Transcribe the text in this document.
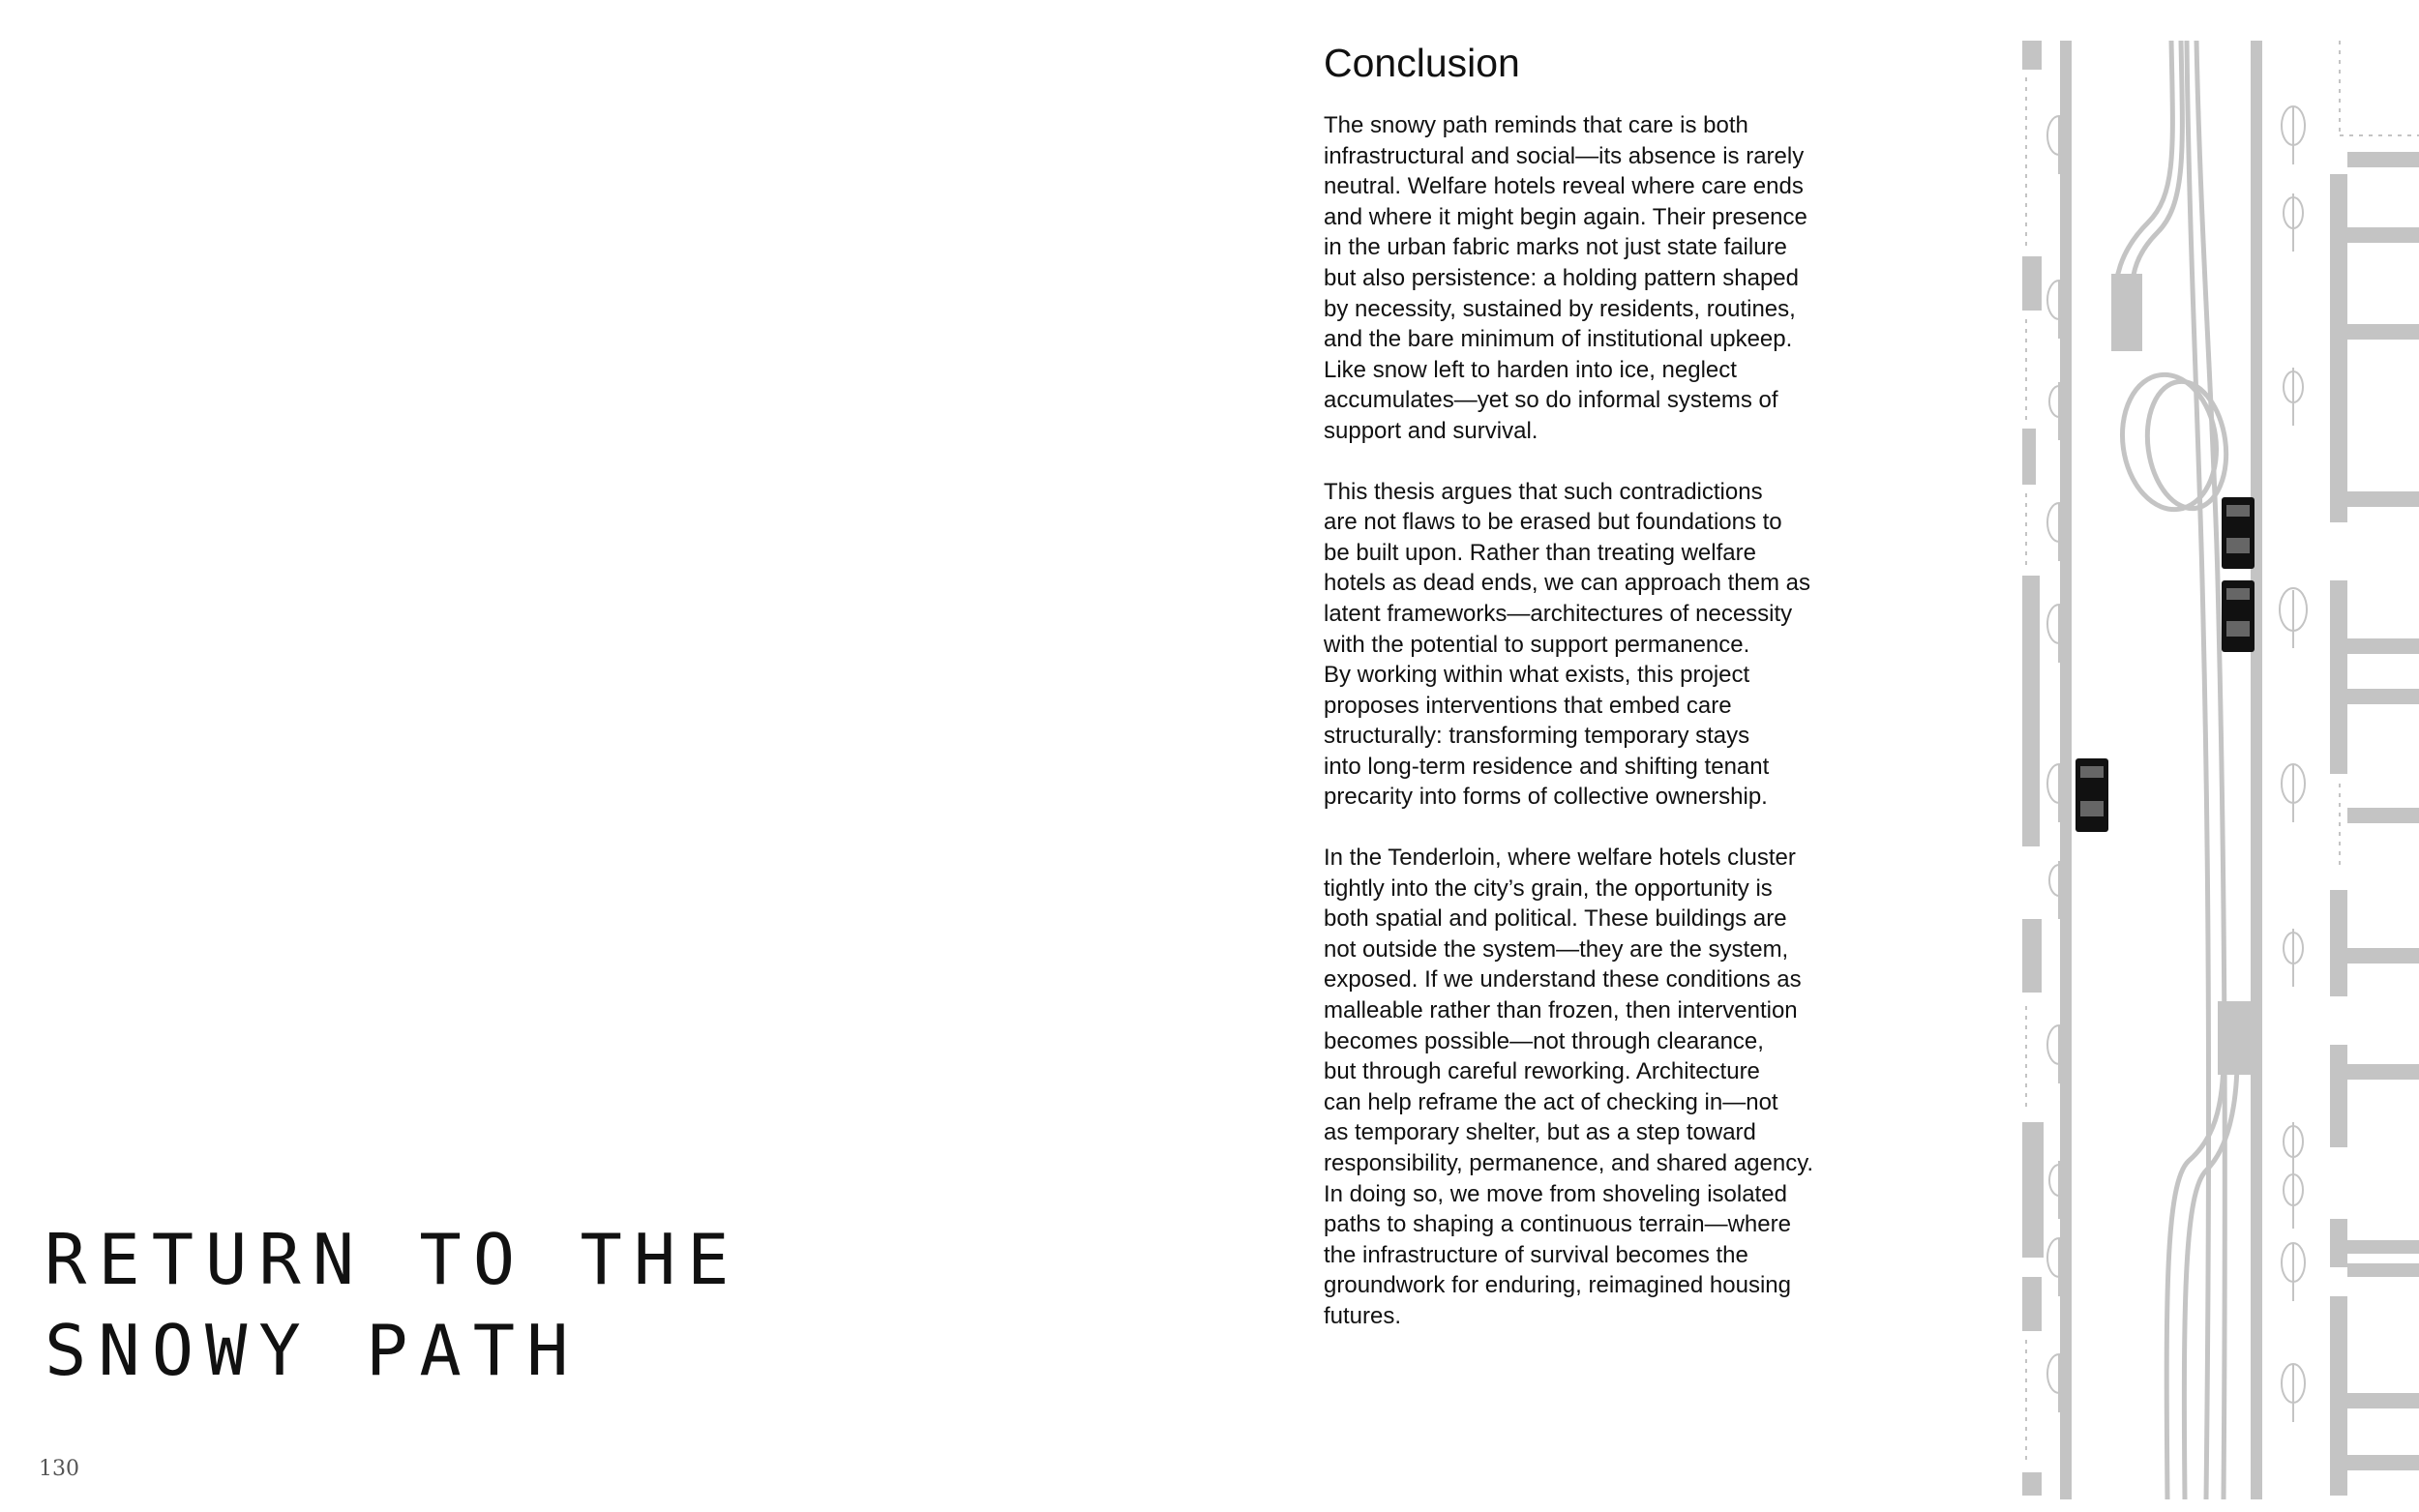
RETURN TO THE
SNOWY PATH
130
Conclusion

The snowy path reminds that care is both
infrastructural and social—its absence is rarely
neutral. Welfare hotels reveal where care ends
and where it might begin again. Their presence
in the urban fabric marks not just state failure
but also persistence: a holding pattern shaped
by necessity, sustained by residents, routines,
and the bare minimum of institutional upkeep.
Like snow left to harden into ice, neglect
accumulates—yet so do informal systems of
support and survival.

This thesis argues that such contradictions
are not flaws to be erased but foundations to
be built upon. Rather than treating welfare
hotels as dead ends, we can approach them as
latent frameworks—architectures of necessity
with the potential to support permanence.
By working within what exists, this project
proposes interventions that embed care
structurally: transforming temporary stays
into long-term residence and shifting tenant
precarity into forms of collective ownership.

In the Tenderloin, where welfare hotels cluster
tightly into the city’s grain, the opportunity is
both spatial and political. These buildings are
not outside the system—they are the system,
exposed. If we understand these conditions as
malleable rather than frozen, then intervention
becomes possible—not through clearance,
but through careful reworking. Architecture
can help reframe the act of checking in—not
as temporary shelter, but as a step toward
responsibility, permanence, and shared agency.
In doing so, we move from shoveling isolated
paths to shaping a continuous terrain—where
the infrastructure of survival becomes the
groundwork for enduring, reimagined housing
futures.
